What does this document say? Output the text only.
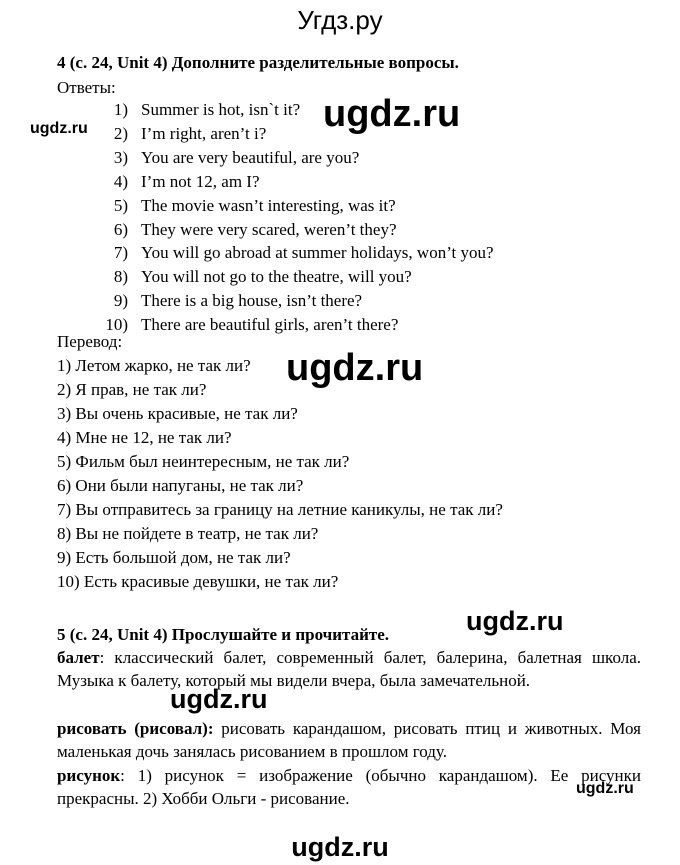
Угдз.ру
4 (с. 24, Unit 4) Дополните разделительные вопросы.
Ответы:
1) Summer is hot, isn`t it?
2) I’m right, aren’t i?
3) You are very beautiful, are you?
4) I’m not 12, am I?
5) The movie wasn’t interesting, was it?
6) They were very scared, weren’t they?
7) You will go abroad at summer holidays, won’t you?
8) You will not go to the theatre, will you?
9) There is a big house, isn’t there?
10) There are beautiful girls, aren’t there?
Перевод:
1) Летом жарко, не так ли?
2) Я прав, не так ли?
3) Вы очень красивые, не так ли?
4) Мне не 12, не так ли?
5) Фильм был неинтересным, не так ли?
6) Они были напуганы, не так ли?
7) Вы отправитесь за границу на летние каникулы, не так ли?
8) Вы не пойдете в театр, не так ли?
9) Есть большой дом, не так ли?
10) Есть красивые девушки, не так ли?
5 (с. 24, Unit 4) Прослушайте и прочитайте.
балет: классический балет, современный балет, балерина, балетная школа. Музыка к балету, который мы видели вчера, была замечательной.
рисовать (рисовал): рисовать карандашом, рисовать птиц и животных. Моя маленькая дочь занялась рисованием в прошлом году.
рисунок: 1) рисунок = изображение (обычно карандашом). Ее рисунки прекрасны. 2) Хобби Ольги - рисование.
ugdz.ru	ugdz.ru
ugdz.ru
ugdz.ru
ugdz.ru
ugdz.ru
ugdz.ru
